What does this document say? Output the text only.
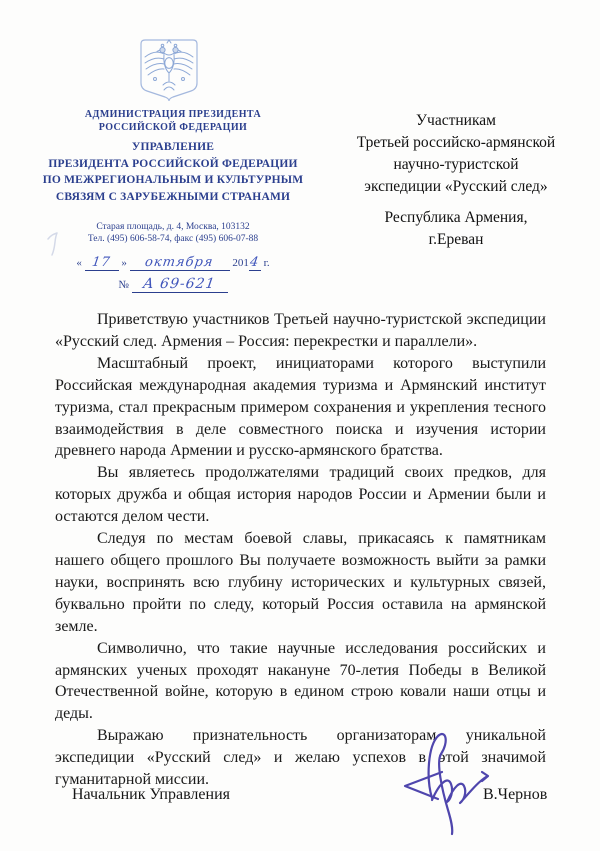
АДМИНИСТРАЦИЯ ПРЕЗИДЕНТА
РОССИЙСКОЙ ФЕДЕРАЦИИ
УПРАВЛЕНИЕ
ПРЕЗИДЕНТА РОССИЙСКОЙ ФЕДЕРАЦИИ
ПО МЕЖРЕГИОНАЛЬНЫМ И КУЛЬТУРНЫМ
СВЯЗЯМ С ЗАРУБЕЖНЫМИ СТРАНАМИ
Старая площадь, д. 4, Москва, 103132
Тел. (495) 606-58-74, факс (495) 606-07-88
« 17 » октября 2014 г.
№ А 69-621
Участникам
Третьей российско-армянской
научно-туристской
экспедиции «Русский след»
Республика Армения,
г.Ереван

Приветствую участников Третьей научно-туристской экспедиции «Русский след. Армения – Россия: перекрестки и параллели».

Масштабный проект, инициаторами которого выступили Российская международная академия туризма и Армянский институт туризма, стал прекрасным примером сохранения и укрепления тесного взаимодействия в деле совместного поиска и изучения истории древнего народа Армении и русско-армянского братства.

Вы являетесь продолжателями традиций своих предков, для которых дружба и общая история народов России и Армении были и остаются делом чести.

Следуя по местам боевой славы, прикасаясь к памятникам нашего общего прошлого Вы получаете возможность выйти за рамки науки, воспринять всю глубину исторических и культурных связей, буквально пройти по следу, который Россия оставила на армянской земле.

Символично, что такие научные исследования российских и армянских ученых проходят накануне 70-летия Победы в Великой Отечественной войне, которую в едином строю ковали наши отцы и деды.

Выражаю признательность организаторам уникальной экспедиции «Русский след» и желаю успехов в этой значимой гуманитарной миссии.

Начальник Управления	В.Чернов
